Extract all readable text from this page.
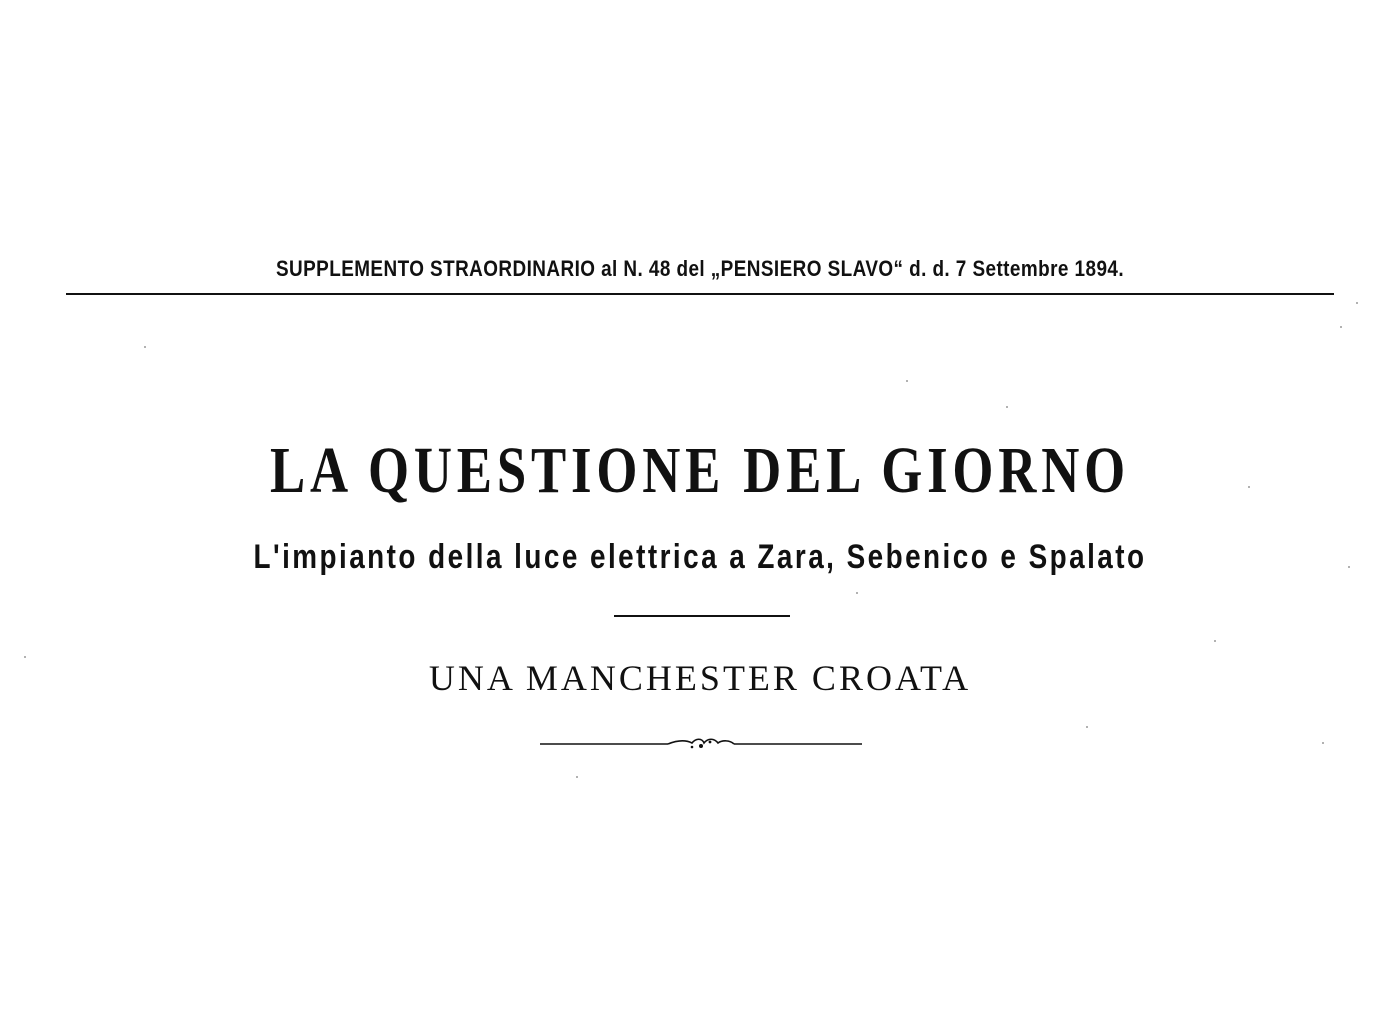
SUPPLEMENTO STRAORDINARIO al N. 48 del „PENSIERO SLAVO“ d. d. 7 Settembre 1894.
LA QUESTIONE DEL GIORNO
L'impianto della luce elettrica a Zara, Sebenico e Spalato
UNA MANCHESTER CROATA
